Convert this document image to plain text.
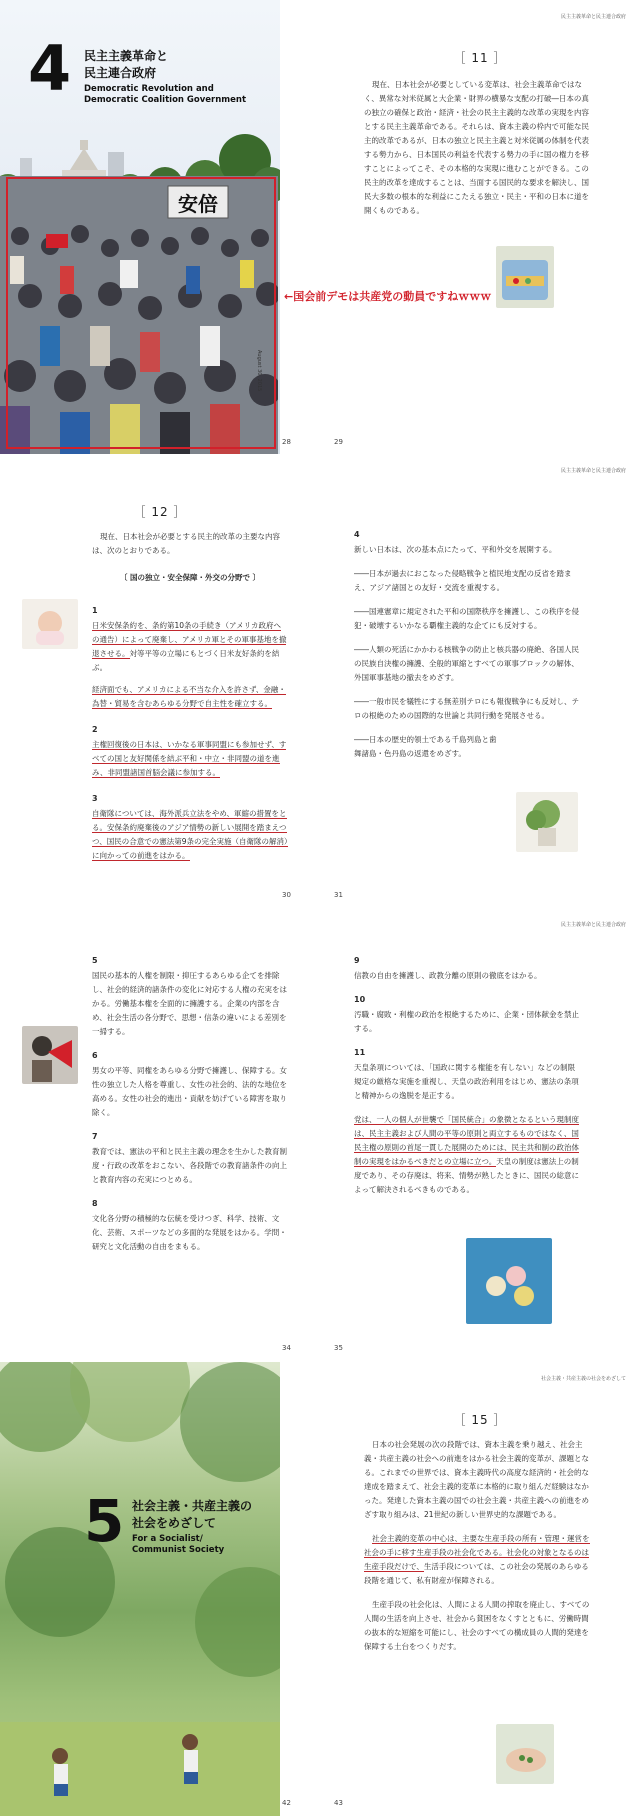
4 民主主義革命と
民主連合政府
Democratic Revolution and
Democratic Coalition Government
安倍
August 30, 2015
28
民主主義革命と民主連合政府
［ 11 ］
現在、日本社会が必要としている変革は、社会主義革命ではなく、異常な対米従属と大企業・財界の横暴な支配の打破―日本の真の独立の確保と政治・経済・社会の民主主義的な改革の実現を内容とする民主主義革命である。それらは、資本主義の枠内で可能な民主的改革であるが、日本の独立と民主主義と対米従属の体制を代表する勢力から、日本国民の利益を代表する勢力の手に国の権力を移すことによってこそ、その本格的な実現に進むことができる。この民主的改革を達成することは、当面する国民的な要求を解決し、国民大多数の根本的な利益にこたえる独立・民主・平和の日本に道を開くものである。
29
←国会前デモは共産党の動員ですねｗｗｗ
［ 12 ］
現在、日本社会が必要とする民主的改革の主要な内容は、次のとおりである。
〔 国の独立・安全保障・外交の分野で 〕
1
日米安保条約を、条約第10条の手続き（アメリカ政府への通告）によって廃棄し、アメリカ軍とその軍事基地を撤退させる。対等平等の立場にもとづく日米友好条約を結ぶ。
経済面でも、アメリカによる不当な介入を許さず、金融・為替・貿易を含むあらゆる分野で自主性を確立する。
2
主権回復後の日本は、いかなる軍事同盟にも参加せず、すべての国と友好関係を結ぶ平和・中立・非同盟の道を進み、非同盟諸国首脳会議に参加する。
3
自衛隊については、海外派兵立法をやめ、軍縮の措置をとる。安保条約廃棄後のアジア情勢の新しい展開を踏まえつつ、国民の合意での憲法第9条の完全実施（自衛隊の解消）に向かっての前進をはかる。
30
民主主義革命と民主連合政府
4

新しい日本は、次の基本点にたって、平和外交を展開する。

――日本が過去におこなった侵略戦争と植民地支配の反省を踏まえ、アジア諸国との友好・交流を重視する。

――国連憲章に規定された平和の国際秩序を擁護し、この秩序を侵犯・破壊するいかなる覇権主義的な企てにも反対する。

――人類の死活にかかわる核戦争の防止と核兵器の廃絶、各国人民の民族自決権の擁護、全般的軍縮とすべての軍事ブロックの解体、外国軍事基地の撤去をめざす。

――一般市民を犠牲にする無差別テロにも報復戦争にも反対し、テロの根絶のための国際的な世論と共同行動を発展させる。

――日本の歴史的領土である千島列島と歯舞諸島・色丹島の返還をめざす。

31
5

国民の基本的人権を制限・抑圧するあらゆる企てを排除し、社会的経済的諸条件の変化に対応する人権の充実をはかる。労働基本権を全面的に擁護する。企業の内部を含め、社会生活の各分野で、思想・信条の違いによる差別を一掃する。

6

男女の平等、同権をあらゆる分野で擁護し、保障する。女性の独立した人格を尊重し、女性の社会的、法的な地位を高める。女性の社会的進出・貢献を妨げている障害を取り除く。

7

教育では、憲法の平和と民主主義の理念を生かした教育制度・行政の改革をおこない、各段階での教育諸条件の向上と教育内容の充実につとめる。

8

文化各分野の積極的な伝統を受けつぎ、科学、技術、文化、芸術、スポーツなどの多面的な発展をはかる。学問・研究と文化活動の自由をまもる。

34
民主主義革命と民主連合政府
9

信教の自由を擁護し、政教分離の原則の徹底をはかる。

10

汚職・腐敗・利権の政治を根絶するために、企業・団体献金を禁止する。

11

天皇条項については、「国政に関する権能を有しない」などの制限規定の厳格な実施を重視し、天皇の政治利用をはじめ、憲法の条項と精神からの逸脱を是正する。

党は、一人の個人が世襲で「国民統合」の象徴となるという現制度は、民主主義および人間の平等の原則と両立するものではなく、国民主権の原則の首尾一貫した展開のためには、民主共和制の政治体制の実現をはかるべきだとの立場に立つ。天皇の制度は憲法上の制度であり、その存廃は、将来、情勢が熟したときに、国民の総意によって解決されるべきものである。

35
5 社会主義・共産主義の
社会をめざして
For a Socialist/
Communist Society
42
社会主義・共産主義の社会をめざして
［ 15 ］

日本の社会発展の次の段階では、資本主義を乗り越え、社会主義・共産主義の社会への前進をはかる社会主義的変革が、課題となる。これまでの世界では、資本主義時代の高度な経済的・社会的な達成を踏まえて、社会主義的変革に本格的に取り組んだ経験はなかった。発達した資本主義の国での社会主義・共産主義への前進をめざす取り組みは、21世紀の新しい世界史的な課題である。

社会主義的変革の中心は、主要な生産手段の所有・管理・運営を社会の手に移す生産手段の社会化である。社会化の対象となるのは生産手段だけで、生活手段については、この社会の発展のあらゆる段階を通じて、私有財産が保障される。

生産手段の社会化は、人間による人間の搾取を廃止し、すべての人間の生活を向上させ、社会から貧困をなくすとともに、労働時間の抜本的な短縮を可能にし、社会のすべての構成員の人間的発達を保障する土台をつくりだす。

43
